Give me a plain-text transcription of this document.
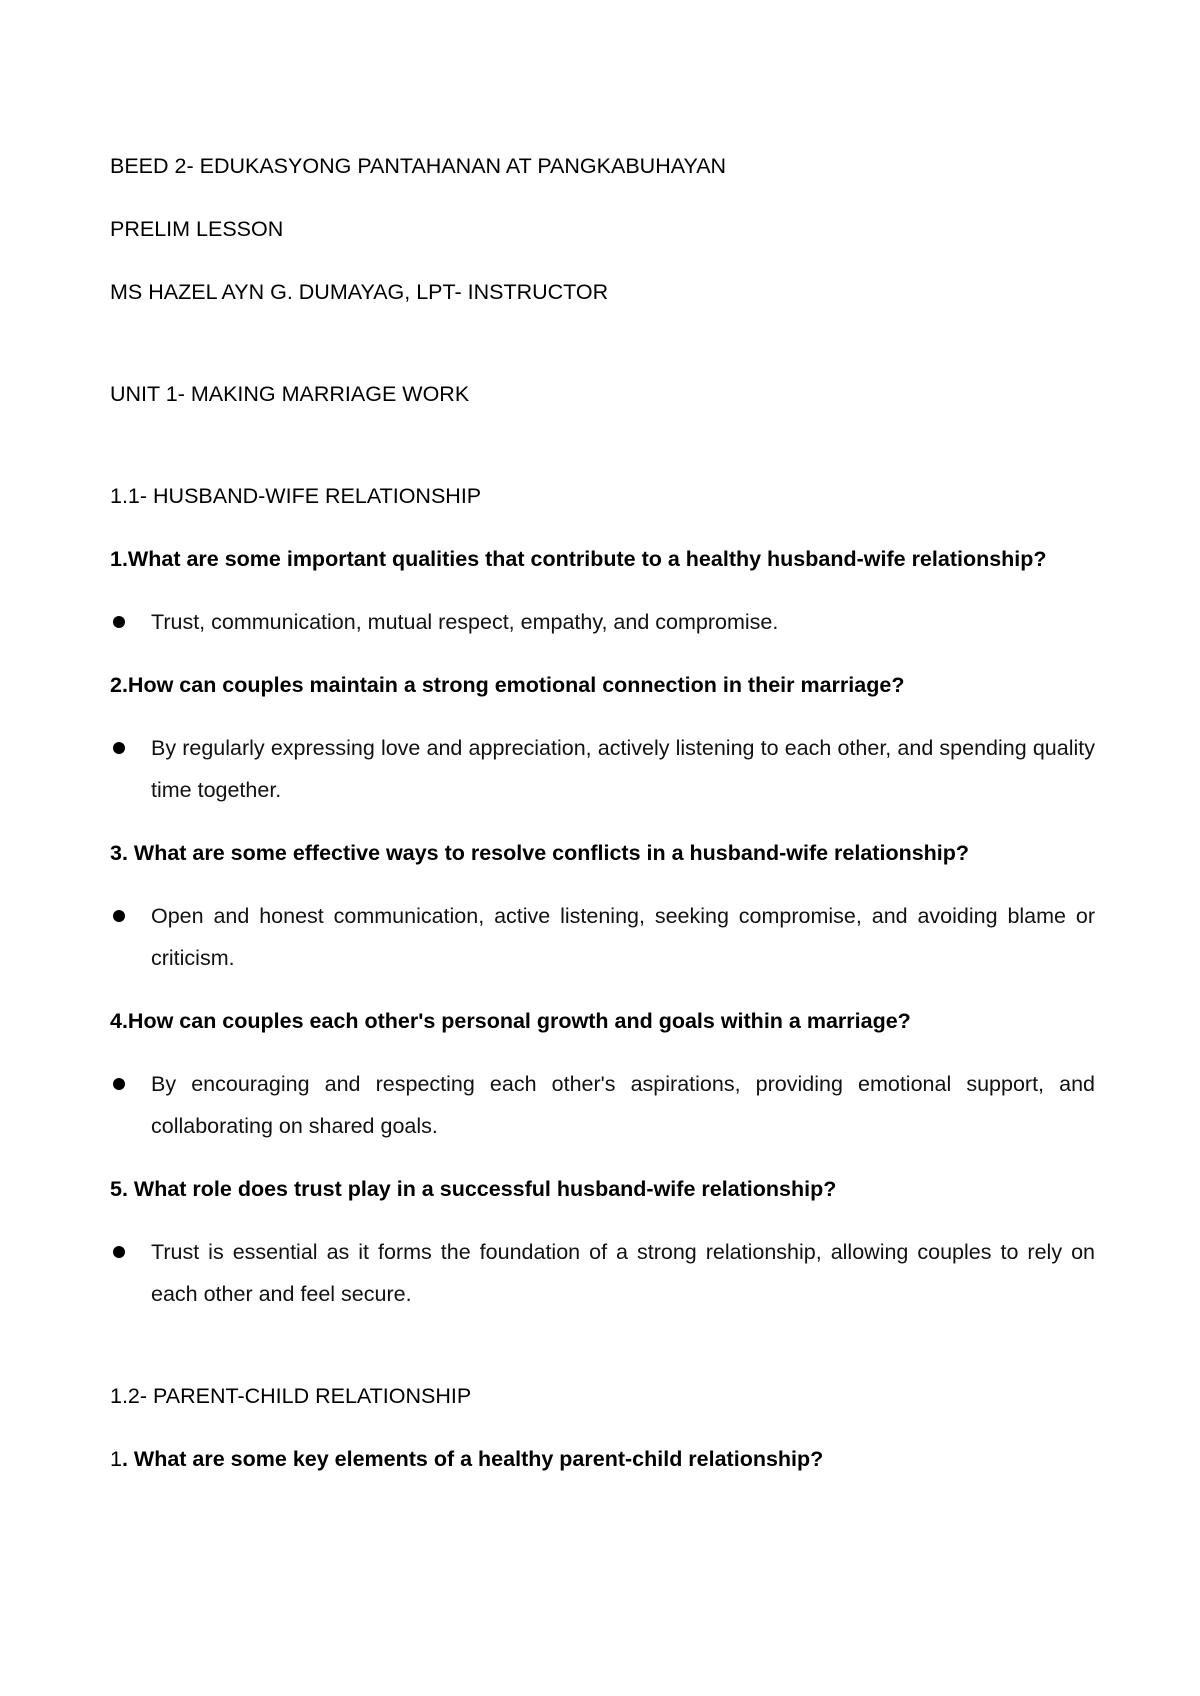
BEED 2- EDUKASYONG PANTAHANAN AT PANGKABUHAYAN

PRELIM LESSON

MS HAZEL AYN G. DUMAYAG, LPT- INSTRUCTOR

UNIT 1- MAKING MARRIAGE WORK

1.1- HUSBAND-WIFE RELATIONSHIP

1.What are some important qualities that contribute to a healthy husband-wife relationship?

Trust, communication, mutual respect, empathy, and compromise.

2.How can couples maintain a strong emotional connection in their marriage?

By regularly expressing love and appreciation, actively listening to each other, and spending quality time together.

3. What are some effective ways to resolve conflicts in a husband-wife relationship?

Open and honest communication, active listening, seeking compromise, and avoiding blame or criticism.

4.How can couples each other's personal growth and goals within a marriage?

By encouraging and respecting each other's aspirations, providing emotional support, and collaborating on shared goals.

5. What role does trust play in a successful husband-wife relationship?

Trust is essential as it forms the foundation of a strong relationship, allowing couples to rely on each other and feel secure.

1.2- PARENT-CHILD RELATIONSHIP

1. What are some key elements of a healthy parent-child relationship?
